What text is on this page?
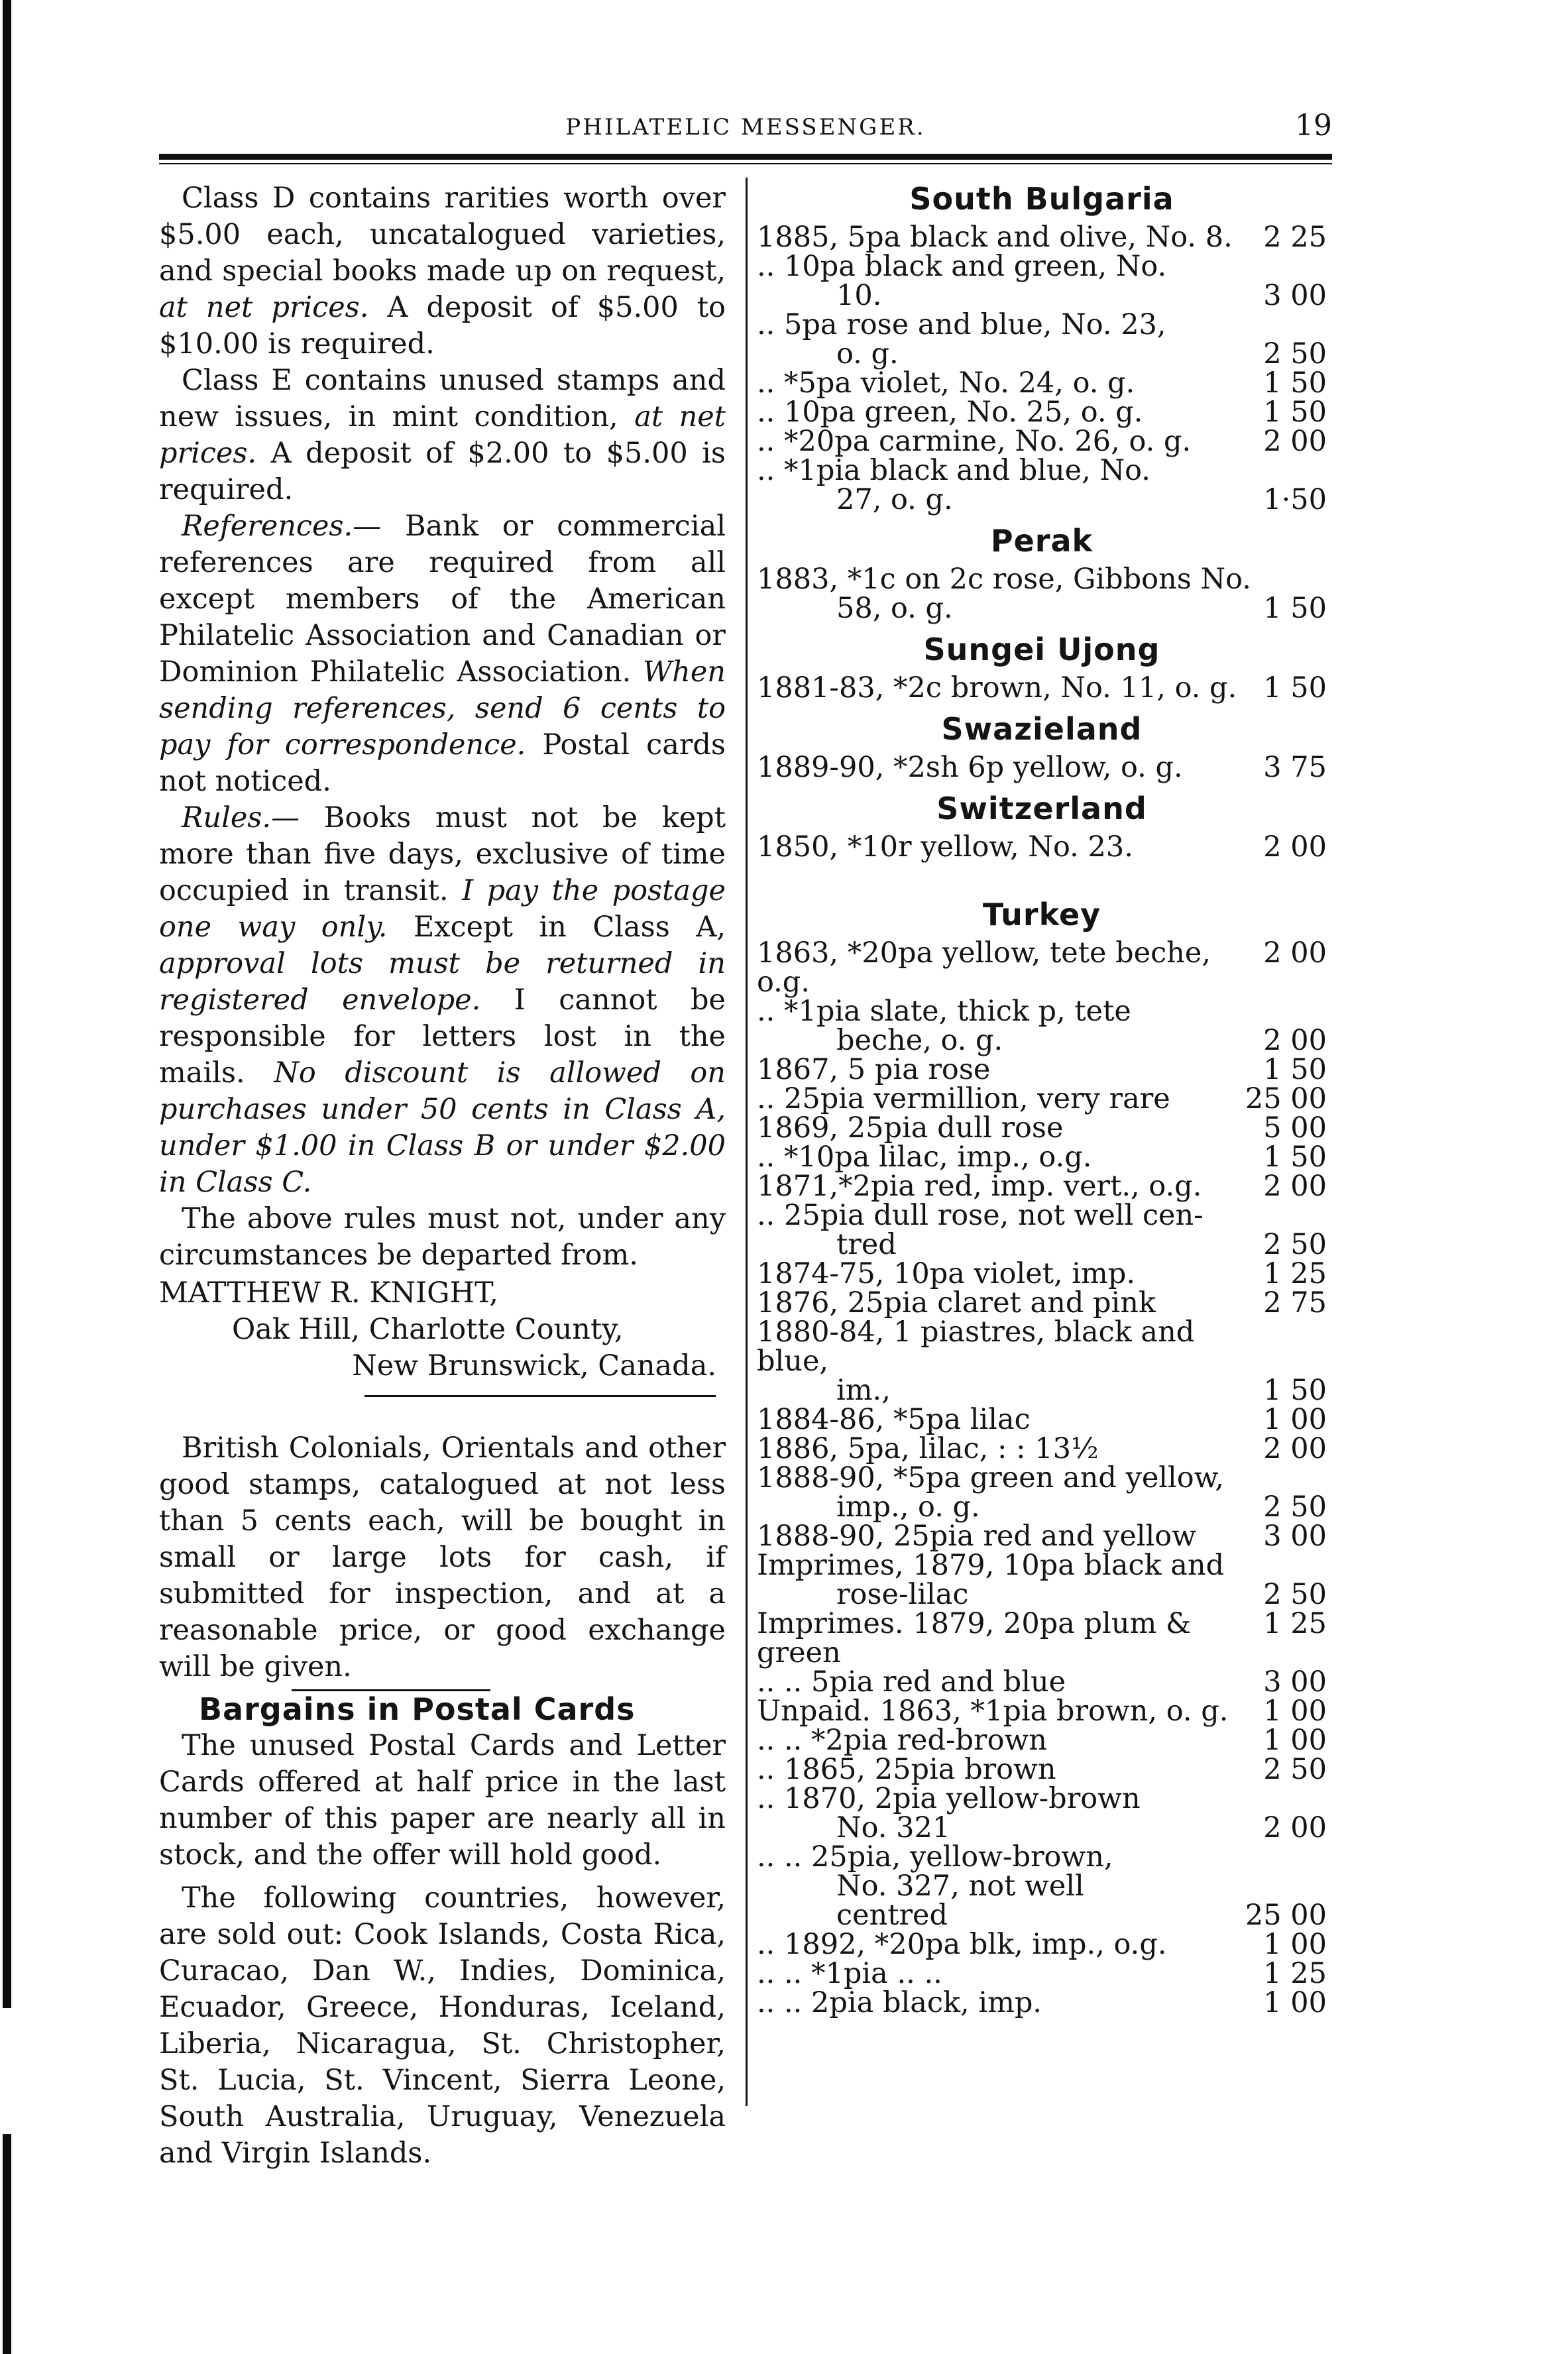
PHILATELIC MESSENGER.	19

Class D contains rarities worth over $5.00 each, uncatalogued varieties, and special books made up on request, at net prices. A deposit of $5.00 to $10.00 is required.

Class E contains unused stamps and new issues, in mint condition, at net prices. A deposit of $2.00 to $5.00 is required.

References.— Bank or commercial references are required from all except members of the American Philatelic Association and Canadian or Dominion Philatelic Association. When sending references, send 6 cents to pay for correspondence. Postal cards not noticed.

Rules.— Books must not be kept more than five days, exclusive of time occupied in transit. I pay the postage one way only. Except in Class A, approval lots must be returned in registered envelope. I cannot be responsible for letters lost in the mails. No discount is allowed on purchases under 50 cents in Class A, under $1.00 in Class B or under $2.00 in Class C.

The above rules must not, under any circumstances be departed from.

MATTHEW R. KNIGHT,
Oak Hill, Charlotte County,
New Brunswick, Canada.

British Colonials, Orientals and other good stamps, catalogued at not less than 5 cents each, will be bought in small or large lots for cash, if submitted for inspection, and at a reasonable price, or good exchange will be given.

Bargains in Postal Cards

The unused Postal Cards and Letter Cards offered at half price in the last number of this paper are nearly all in stock, and the offer will hold good.

The following countries, however, are sold out: Cook Islands, Costa Rica, Curacao, Dan W., Indies, Dominica, Ecuador, Greece, Honduras, Iceland, Liberia, Nicaragua, St. Christopher, St. Lucia, St. Vincent, Sierra Leone, South Australia, Uruguay, Venezuela and Virgin Islands.

South Bulgaria
1885, 5pa black and olive, No. 8.	2 25
.. 10pa black and green, No.
10.	3 00
.. 5pa rose and blue, No. 23,
o. g.	2 50
.. *5pa violet, No. 24, o. g.	1 50
.. 10pa green, No. 25, o. g.	1 50
.. *20pa carmine, No. 26, o. g.	2 00
.. *1pia black and blue, No.
27, o. g.	1·50
Perak
1883, *1c on 2c rose, Gibbons No.
58, o. g.	1 50
Sungei Ujong
1881-83, *2c brown, No. 11, o. g. 1 50
Swazieland
1889-90, *2sh 6p yellow, o. g.	3 75
Switzerland
1850, *10r yellow, No. 23.	2 00
Turkey
1863, *20pa yellow, tete beche, o.g.
2 00
.. *1pia slate, thick p, tete
beche, o. g.	2 00
1867, 5 pia rose	1 50
.. 25pia vermillion, very rare	25 00
1869, 25pia dull rose	5 00
.. *10pa lilac, imp., o.g.	1 50
1871,*2pia red, imp. vert., o.g.	2 00
.. 25pia dull rose, not well cen-
tred	2 50
1874-75, 10pa violet, imp.	1 25
1876, 25pia claret and pink	2 75
1880-84, 1 piastres, black and blue,
im.,	1 50
1884-86, *5pa lilac	1 00
1886, 5pa, lilac, : : 13½	2 00
1888-90, *5pa green and yellow,
imp., o. g.	2 50
1888-90, 25pia red and yellow	3 00
Imprimes, 1879, 10pa black and
rose-lilac	2 50
Imprimes. 1879, 20pa plum & green
1 25
.. .. 5pia red and blue	3 00
Unpaid. 1863, *1pia brown, o. g.	1 00
.. .. *2pia red-brown	1 00
.. 1865, 25pia brown	2 50
.. 1870, 2pia yellow-brown
No. 321	2 00
.. .. 25pia, yellow-brown,
No. 327, not well
centred	25 00
.. 1892, *20pa blk, imp., o.g.	1 00
.. .. *1pia .. ..	1 25
.. .. 2pia black, imp.	1 00
